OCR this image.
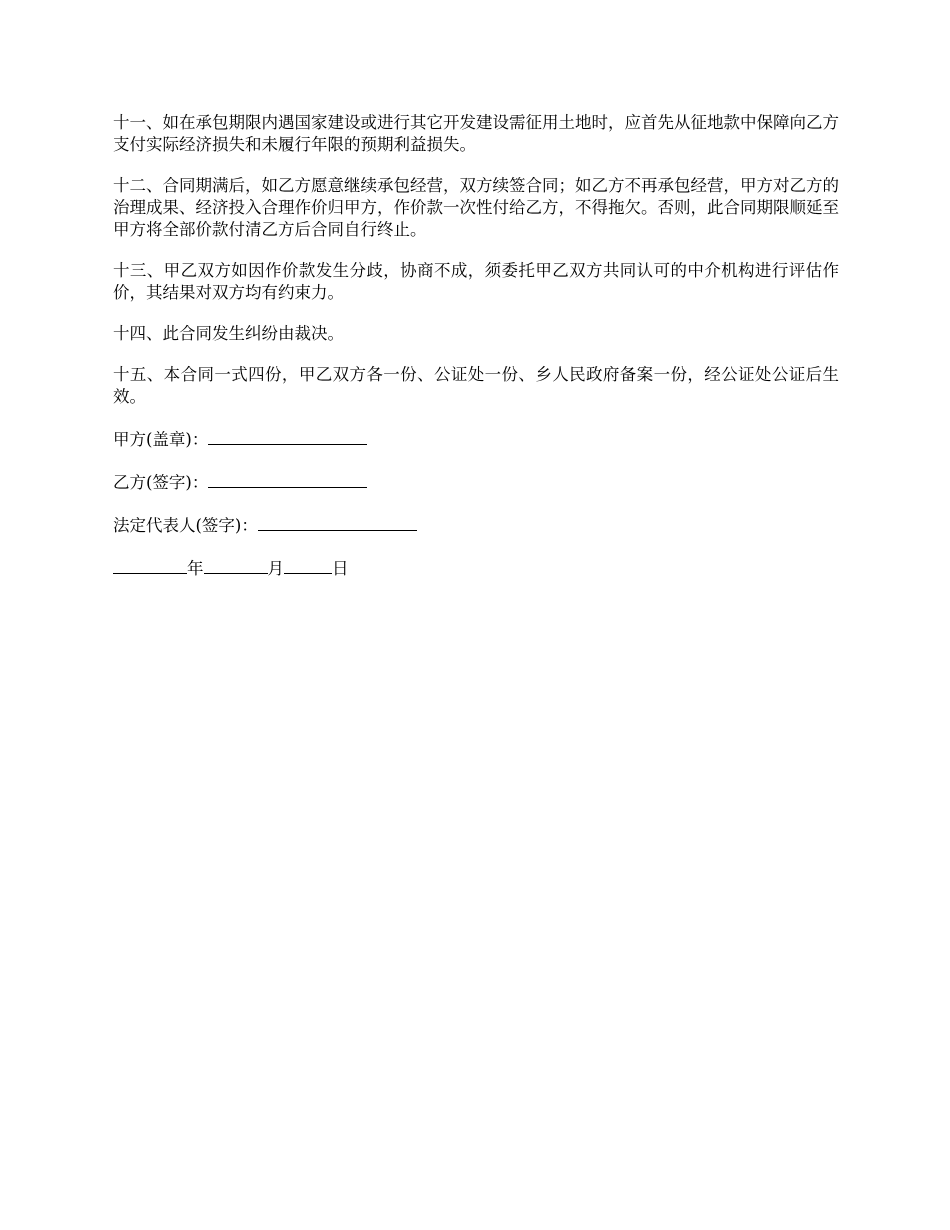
十一、如在承包期限内遇国家建设或进行其它开发建设需征用土地时，应首先从征地款中保障向乙方支付实际经济损失和未履行年限的预期利益损失。

十二、合同期满后，如乙方愿意继续承包经营，双方续签合同；如乙方不再承包经营，甲方对乙方的治理成果、经济投入合理作价归甲方，作价款一次性付给乙方，不得拖欠。否则，此合同期限顺延至甲方将全部价款付清乙方后合同自行终止。

十三、甲乙双方如因作价款发生分歧，协商不成，须委托甲乙双方共同认可的中介机构进行评估作价，其结果对双方均有约束力。

十四、此合同发生纠纷由裁决。

十五、本合同一式四份，甲乙双方各一份、公证处一份、乡人民政府备案一份，经公证处公证后生效。

甲方(盖章)：
乙方(签字)：
法定代表人(签字)：
年	月	日
